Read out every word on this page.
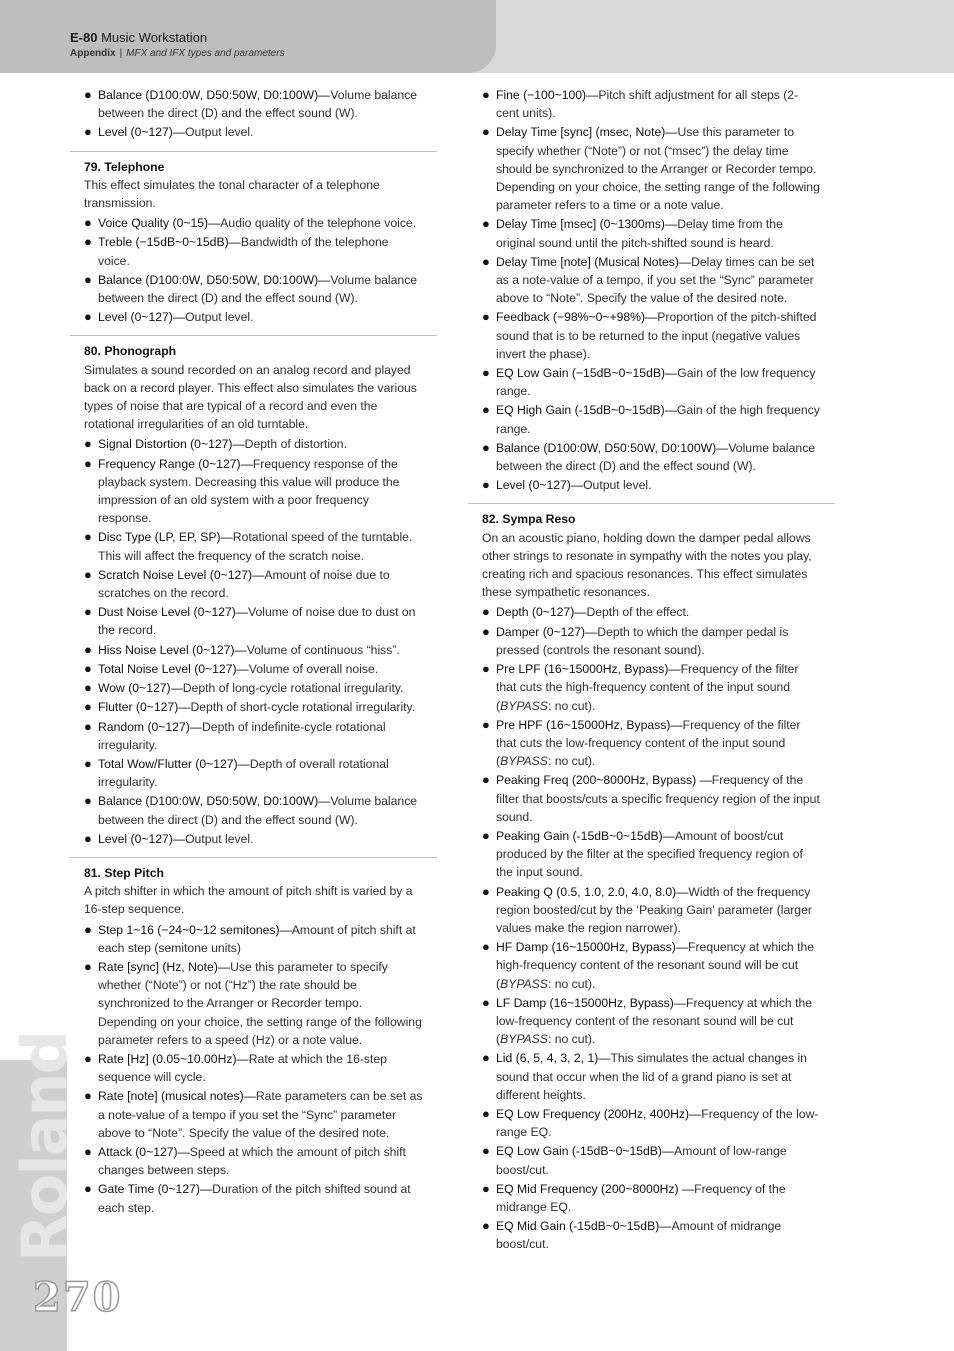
E-80 Music Workstation
Appendix | MFX and IFX types and parameters
Roland
270
● Balance (D100:0W, D50:50W, D0:100W)—Volume balance between the direct (D) and the effect sound (W).
● Level (0~127)—Output level.
79. Telephone
This effect simulates the tonal character of a telephone transmission.
● Voice Quality (0~15)—Audio quality of the telephone voice.
● Treble (−15dB~0~15dB)—Bandwidth of the telephone voice.
● Balance (D100:0W, D50:50W, D0:100W)—Volume balance between the direct (D) and the effect sound (W).
● Level (0~127)—Output level.
80. Phonograph
Simulates a sound recorded on an analog record and played back on a record player. This effect also simulates the various types of noise that are typical of a record and even the rotational irregularities of an old turntable.
● Signal Distortion (0~127)—Depth of distortion.
● Frequency Range (0~127)—Frequency response of the playback system. Decreasing this value will produce the impression of an old system with a poor frequency response.
● Disc Type (LP, EP, SP)—Rotational speed of the turntable. This will affect the frequency of the scratch noise.
● Scratch Noise Level (0~127)—Amount of noise due to scratches on the record.
● Dust Noise Level (0~127)—Volume of noise due to dust on the record.
● Hiss Noise Level (0~127)—Volume of continuous “hiss”.
● Total Noise Level (0~127)—Volume of overall noise.
● Wow (0~127)—Depth of long-cycle rotational irregularity.
● Flutter (0~127)—Depth of short-cycle rotational irregularity.
● Random (0~127)—Depth of indefinite-cycle rotational irregularity.
● Total Wow/Flutter (0~127)—Depth of overall rotational irregularity.
● Balance (D100:0W, D50:50W, D0:100W)—Volume balance between the direct (D) and the effect sound (W).
● Level (0~127)—Output level.
81. Step Pitch
A pitch shifter in which the amount of pitch shift is varied by a 16-step sequence.
● Step 1~16 (−24~0~12 semitones)—Amount of pitch shift at each step (semitone units)
● Rate [sync] (Hz, Note)—Use this parameter to specify whether (“Note”) or not (“Hz”) the rate should be synchronized to the Arranger or Recorder tempo. Depending on your choice, the setting range of the following parameter refers to a speed (Hz) or a note value.
● Rate [Hz] (0.05~10.00Hz)—Rate at which the 16-step sequence will cycle.
● Rate [note] (musical notes)—Rate parameters can be set as a note-value of a tempo if you set the “Sync” parameter above to “Note”. Specify the value of the desired note.
● Attack (0~127)—Speed at which the amount of pitch shift changes between steps.
● Gate Time (0~127)—Duration of the pitch shifted sound at each step.
● Fine (−100~100)—Pitch shift adjustment for all steps (2-cent units).
● Delay Time [sync] (msec, Note)—Use this parameter to specify whether (“Note”) or not (“msec”) the delay time should be synchronized to the Arranger or Recorder tempo. Depending on your choice, the setting range of the following parameter refers to a time or a note value.
● Delay Time [msec] (0~1300ms)—Delay time from the original sound until the pitch-shifted sound is heard.
● Delay Time [note] (Musical Notes)—Delay times can be set as a note-value of a tempo, if you set the “Sync” parameter above to “Note”. Specify the value of the desired note.
● Feedback (−98%~0~+98%)—Proportion of the pitch-shifted sound that is to be returned to the input (negative values invert the phase).
● EQ Low Gain (−15dB~0~15dB)—Gain of the low frequency range.
● EQ High Gain (-15dB~0~15dB)—Gain of the high frequency range.
● Balance (D100:0W, D50:50W, D0:100W)—Volume balance between the direct (D) and the effect sound (W).
● Level (0~127)—Output level.
82. Sympa Reso
On an acoustic piano, holding down the damper pedal allows other strings to resonate in sympathy with the notes you play, creating rich and spacious resonances. This effect simulates these sympathetic resonances.
● Depth (0~127)—Depth of the effect.
● Damper (0~127)—Depth to which the damper pedal is pressed (controls the resonant sound).
● Pre LPF (16~15000Hz, Bypass)—Frequency of the filter that cuts the high-frequency content of the input sound (BYPASS: no cut).
● Pre HPF (16~15000Hz, Bypass)—Frequency of the filter that cuts the low-frequency content of the input sound (BYPASS: no cut).
● Peaking Freq (200~8000Hz, Bypass) —Frequency of the filter that boosts/cuts a specific frequency region of the input sound.
● Peaking Gain (-15dB~0~15dB)—Amount of boost/cut produced by the filter at the specified frequency region of the input sound.
● Peaking Q (0.5, 1.0, 2.0, 4.0, 8.0)—Width of the frequency region boosted/cut by the ‘Peaking Gain’ parameter (larger values make the region narrower).
● HF Damp (16~15000Hz, Bypass)—Frequency at which the high-frequency content of the resonant sound will be cut (BYPASS: no cut).
● LF Damp (16~15000Hz, Bypass)—Frequency at which the low-frequency content of the resonant sound will be cut (BYPASS: no cut).
● Lid (6, 5, 4, 3, 2, 1)—This simulates the actual changes in sound that occur when the lid of a grand piano is set at different heights.
● EQ Low Frequency (200Hz, 400Hz)—Frequency of the low-range EQ.
● EQ Low Gain (-15dB~0~15dB)—Amount of low-range boost/cut.
● EQ Mid Frequency (200~8000Hz) —Frequency of the midrange EQ.
● EQ Mid Gain (-15dB~0~15dB)—Amount of midrange boost/cut.
